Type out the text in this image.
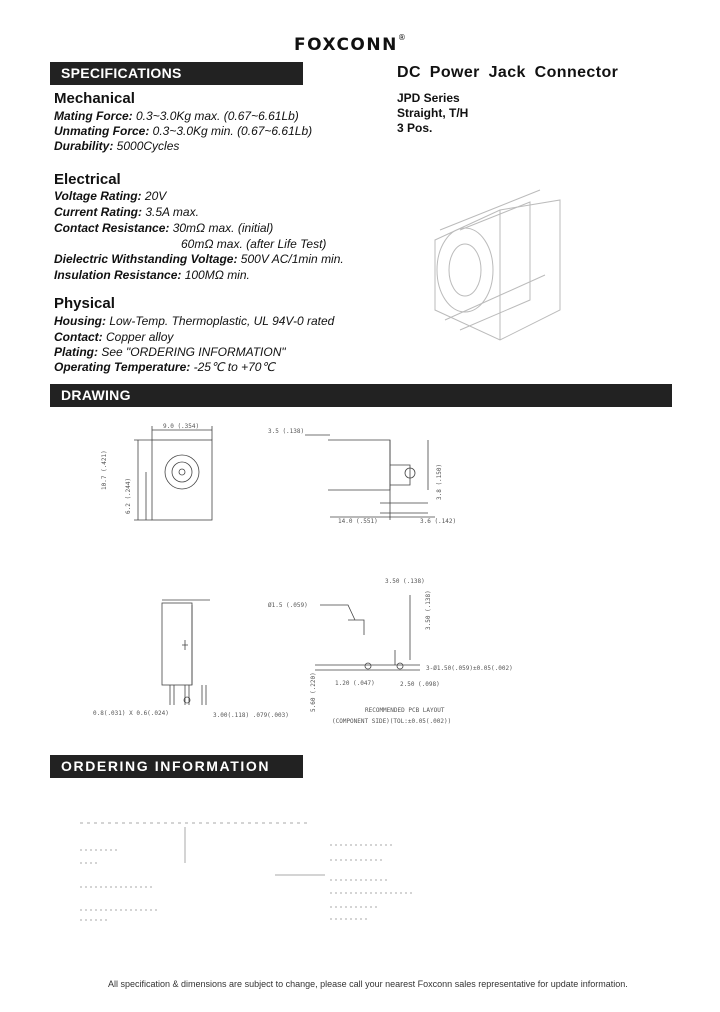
FOXCONN®
SPECIFICATIONS
DRAWING
ORDERING INFORMATION
DC Power Jack Connector
JPD Series
Straight, T/H
3 Pos.
Mechanical
Mating Force: 0.3~3.0Kg max. (0.67~6.61Lb)
Unmating Force: 0.3~3.0Kg min. (0.67~6.61Lb)
Durability: 5000Cycles
Electrical
Voltage Rating: 20V
Current Rating: 3.5A max.
Contact Resistance: 30mΩ max. (initial)
60mΩ max. (after Life Test)
Dielectric Withstanding Voltage: 500V AC/1min min.
Insulation Resistance: 100MΩ min.
Physical
Housing: Low-Temp. Thermoplastic, UL 94V-0 rated
Contact: Copper alloy
Plating: See "ORDERING INFORMATION"
Operating Temperature: -25℃ to +70℃
9.0 (.354)
10.7 (.421)
6.2 (.244)
3.5 (.138)
14.0 (.551)	3.6 (.142)
3.8 (.150)
0.8(.031) X 0.6(.024)	3.00(.118) .079(.003)
3.50 (.138)
Ø1.5 (.059)
1.20 (.047)	2.50 (.098)
3-Ø1.50(.059)±0.05(.002)
5.60 (.220)
3.50 (.138)
RECOMMENDED PCB LAYOUT
(COMPONENT SIDE)(TOL:±0.05(.002))
All specification & dimensions are subject to change, please call your nearest Foxconn sales representative for update information.
